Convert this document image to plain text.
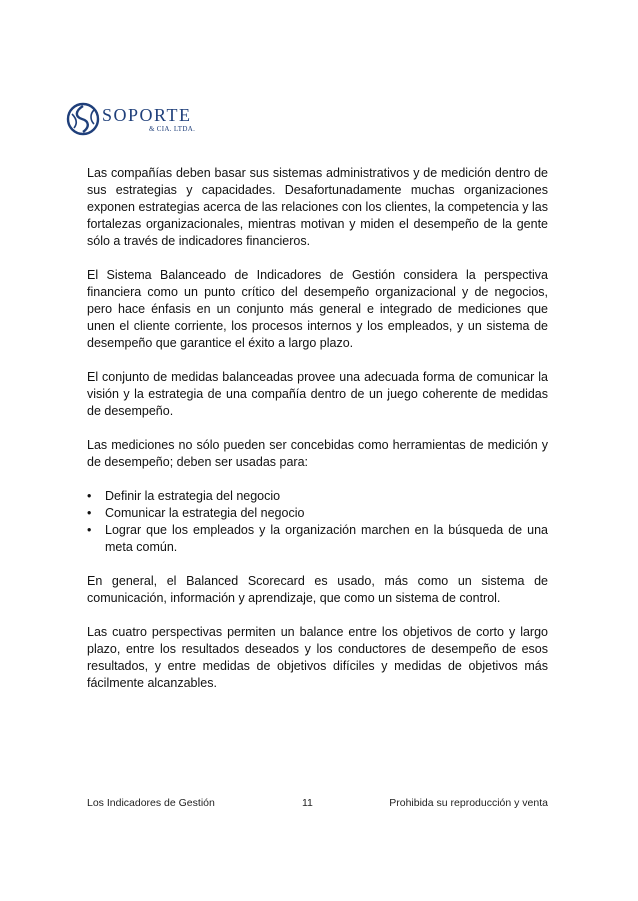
SOPORTE
& CIA. LTDA.

Las compañías deben basar sus sistemas administrativos y de medición dentro de sus estrategias y capacidades. Desafortunadamente muchas organizaciones exponen estrategias acerca de las relaciones con los clientes, la competencia y las fortalezas organizacionales, mientras motivan y miden el desempeño de la gente sólo a través de indicadores financieros.

El Sistema Balanceado de Indicadores de Gestión considera la perspectiva financiera como un punto crítico del desempeño organizacional y de negocios, pero hace énfasis en un conjunto más general e integrado de mediciones que unen el cliente corriente, los procesos internos y los empleados, y un sistema de desempeño que garantice el éxito a largo plazo.

El conjunto de medidas balanceadas provee una adecuada forma de comunicar la visión y la estrategia de una compañía dentro de un juego coherente de medidas de desempeño.

Las mediciones no sólo pueden ser concebidas como herramientas de medición y de desempeño; deben ser usadas para:

• Definir la estrategia del negocio
• Comunicar la estrategia del negocio
• Lograr que los empleados y la organización marchen en la búsqueda de una meta común.

En general, el Balanced Scorecard es usado, más como un sistema de comunicación, información y aprendizaje, que como un sistema de control.

Las cuatro perspectivas permiten un balance entre los objetivos de corto y largo plazo, entre los resultados deseados y los conductores de desempeño de esos resultados, y entre medidas de objetivos difíciles y medidas de objetivos más fácilmente alcanzables.

Los Indicadores de Gestión	11	Prohibida su reproducción y venta
